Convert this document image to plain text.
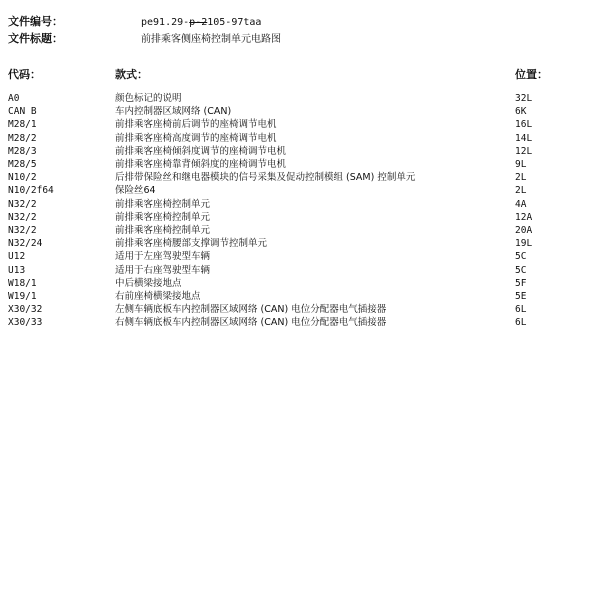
文件编号：	pe91.29-p-2105-97taa
文件标题：	前排乘客侧座椅控制单元电路图
代码：	款式：	位置：
A0	颜色标记的说明	32L
CAN B	车内控制器区域网络 (CAN)	6K
M28/1	前排乘客座椅前后调节的座椅调节电机	16L
M28/2	前排乘客座椅高度调节的座椅调节电机	14L
M28/3	前排乘客座椅倾斜度调节的座椅调节电机	12L
M28/5	前排乘客座椅靠背倾斜度的座椅调节电机	9L
N10/2	后排带保险丝和继电器模块的信号采集及促动控制模组 (SAM) 控制单元	2L
N10/2f64	保险丝64	2L
N32/2	前排乘客座椅控制单元	4A
N32/2	前排乘客座椅控制单元	12A
N32/2	前排乘客座椅控制单元	20A
N32/24	前排乘客座椅腰部支撑调节控制单元	19L
U12	适用于左座驾驶型车辆	5C
U13	适用于右座驾驶型车辆	5C
W18/1	中后横梁接地点	5F
W19/1	右前座椅横梁接地点	5E
X30/32	左侧车辆底板车内控制器区域网络 (CAN) 电位分配器电气插接器	6L
X30/33	右侧车辆底板车内控制器区域网络 (CAN) 电位分配器电气插接器	6L
